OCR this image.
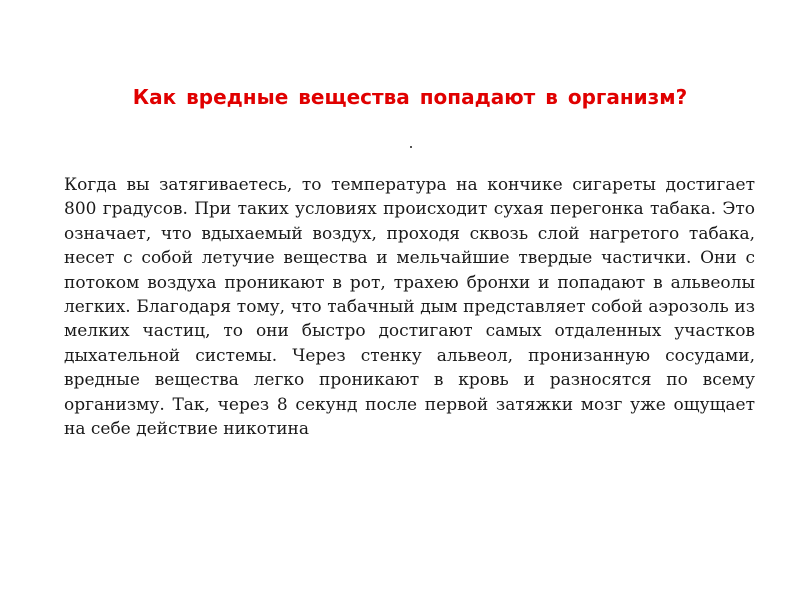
Как вредные вещества попадают в организм?

Когда вы затягиваетесь, то температура на кончике сигареты достигает 800 градусов. При таких условиях происходит сухая перегонка табака. Это означает, что вдыхаемый воздух, проходя сквозь слой нагретого табака, несет с собой летучие вещества и мельчайшие твердые частички. Они с потоком воздуха проникают в рот, трахею бронхи и попадают в альвеолы легких. Благодаря тому, что табачный дым представляет собой аэрозоль из мелких частиц, то они быстро достигают самых отдаленных участков дыхательной системы. Через стенку альвеол, пронизанную сосудами, вредные вещества легко проникают в кровь и разносятся по всему организму. Так, через 8 секунд после первой затяжки мозг уже ощущает на себе действие никотина
